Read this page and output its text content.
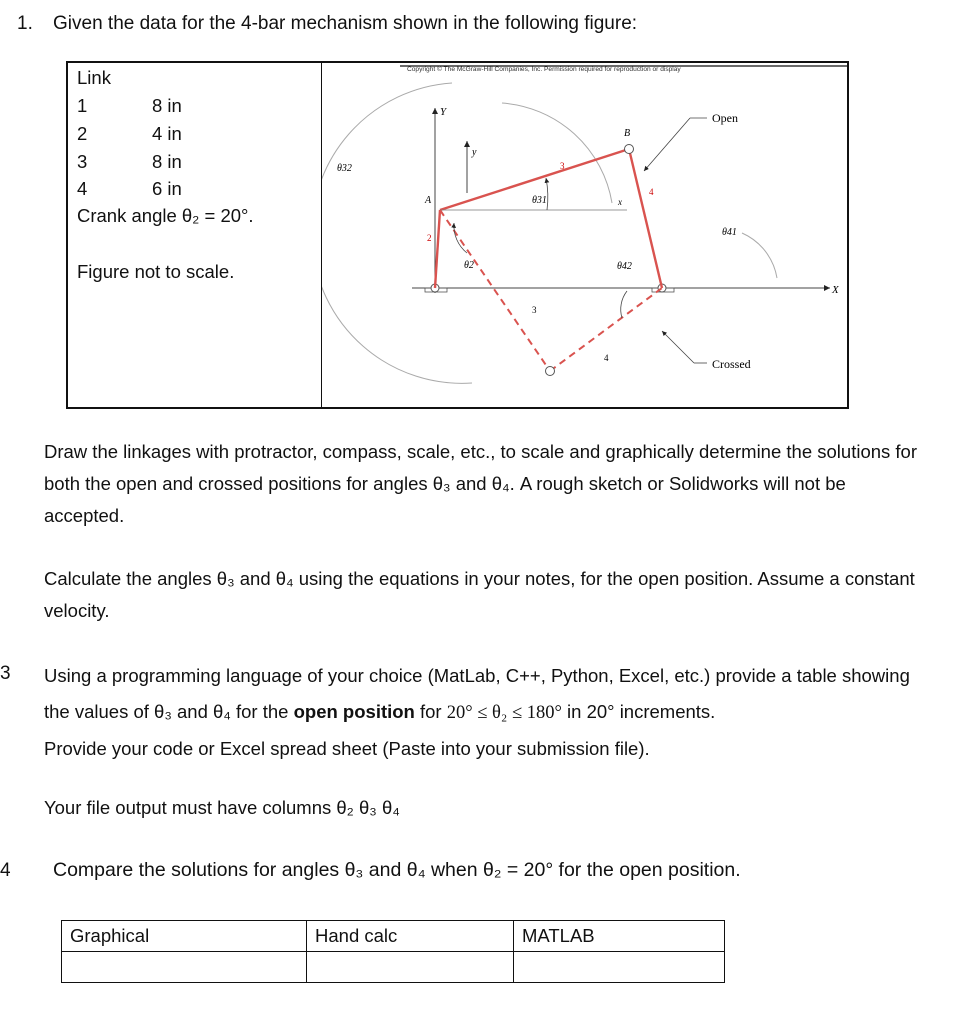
1. Given the data for the 4-bar mechanism shown in the following figure:
Link
1	8 in
2	4 in
3	8 in
4	6 in
Crank angle θ₂ = 20°.
Figure not to scale.

Copyright © The McGraw-Hill Companies, Inc. Permission required for reproduction or display
X
Y
y
x
B
A
2
3
4
3
4
θ2
θ31
θ32
θ42
θ41
Open
Crossed
Draw the linkages with protractor, compass, scale, etc., to scale and graphically determine the solutions for both the open and crossed positions for angles θ₃ and θ₄. A rough sketch or Solidworks will not be accepted.
Calculate the angles θ₃ and θ₄ using the equations in your notes, for the open position. Assume a constant velocity.
3 Using a programming language of your choice (MatLab, C++, Python, Excel, etc.) provide a table showing the values of θ₃ and θ₄ for the open position for 20° ≤ θ₂ ≤ 180° in 20° increments.
Provide your code or Excel spread sheet (Paste into your submission file).
Your file output must have columns θ₂ θ₃ θ₄
4 Compare the solutions for angles θ₃ and θ₄ when θ₂ = 20° for the open position.
Graphical	Hand calc	MATLAB
